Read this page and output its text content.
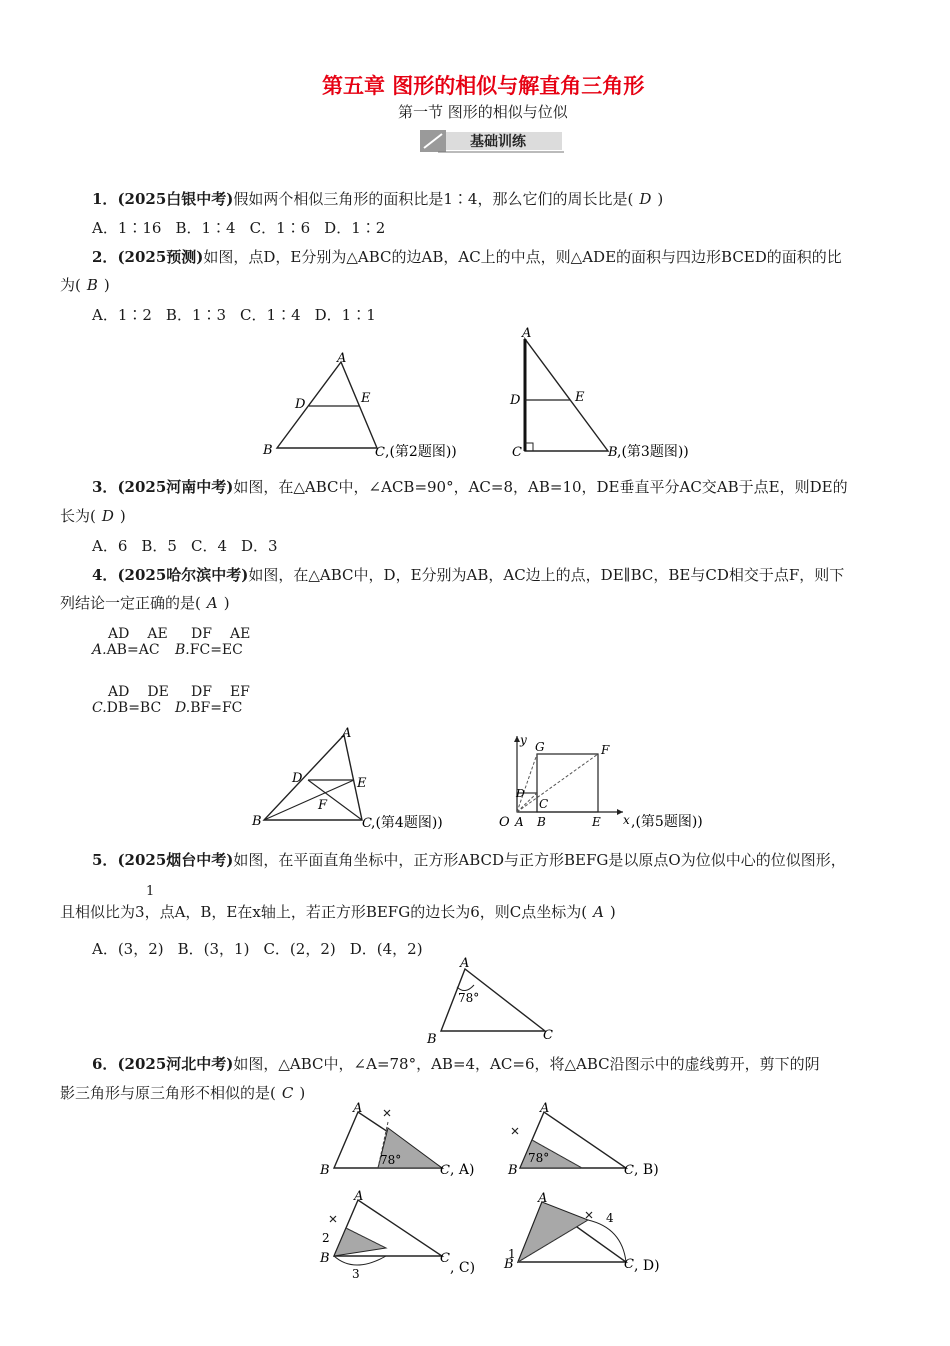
第五章 图形的相似与解直角三角形
第一节 图形的相似与位似
基础训练
1．(2025白银中考)假如两个相似三角形的面积比是1∶4，那么它们的周长比是( D )
A．1∶16 B．1∶4 C．1∶6 D．1∶2
2．(2025预测)如图，点D，E分别为△ABC的边AB，AC上的中点，则△ADE的面积与四边形BCED的面积的比
为( B )
A．1∶2 B．1∶3 C．1∶4 D．1∶1
A
D	E
B	C ,(第2题图))
A
D	E
C	B ,(第3题图))
3．(2025河南中考)如图，在△ABC中，∠ACB=90°，AC=8，AB=10，DE垂直平分AC交AB于点E，则DE的
长为( D )
A．6 B．5 C．4 D．3
4．(2025哈尔滨中考)如图，在△ABC中，D，E分别为AB，AC边上的点，DE∥BC，BE与CD相交于点F，则下
列结论一定正确的是( A )
AD AE
A.AB=AC
DF AE
B.FC=EC
AD DE
C.DB=BC
DF EF
D.BF=FC
A
D	E
F
B	C ,(第4题图))
y
x
O A B	E
G	F
D
C
,(第5题图))
5．(2025烟台中考)如图，在平面直角坐标中，正方形ABCD与正方形BEFG是以原点O为位似中心的位似图形，
1
且相似比为3，点A，B，E在x轴上，若正方形BEFG的边长为6，则C点坐标为( A )
A．(3，2) B．(3，1) C．(2，2) D．(4，2)
A
78°
B	C
6．(2025河北中考)如图，△ABC中，∠A=78°，AB=4，AC=6，将△ABC沿图示中的虚线剪开，剪下的阴
影三角形与原三角形不相似的是( C )
A
B	C
78°
, A)
A
B	C
78°
, B)
A
B	C
2
3	, C)
A
B	C
1
4
, D)
